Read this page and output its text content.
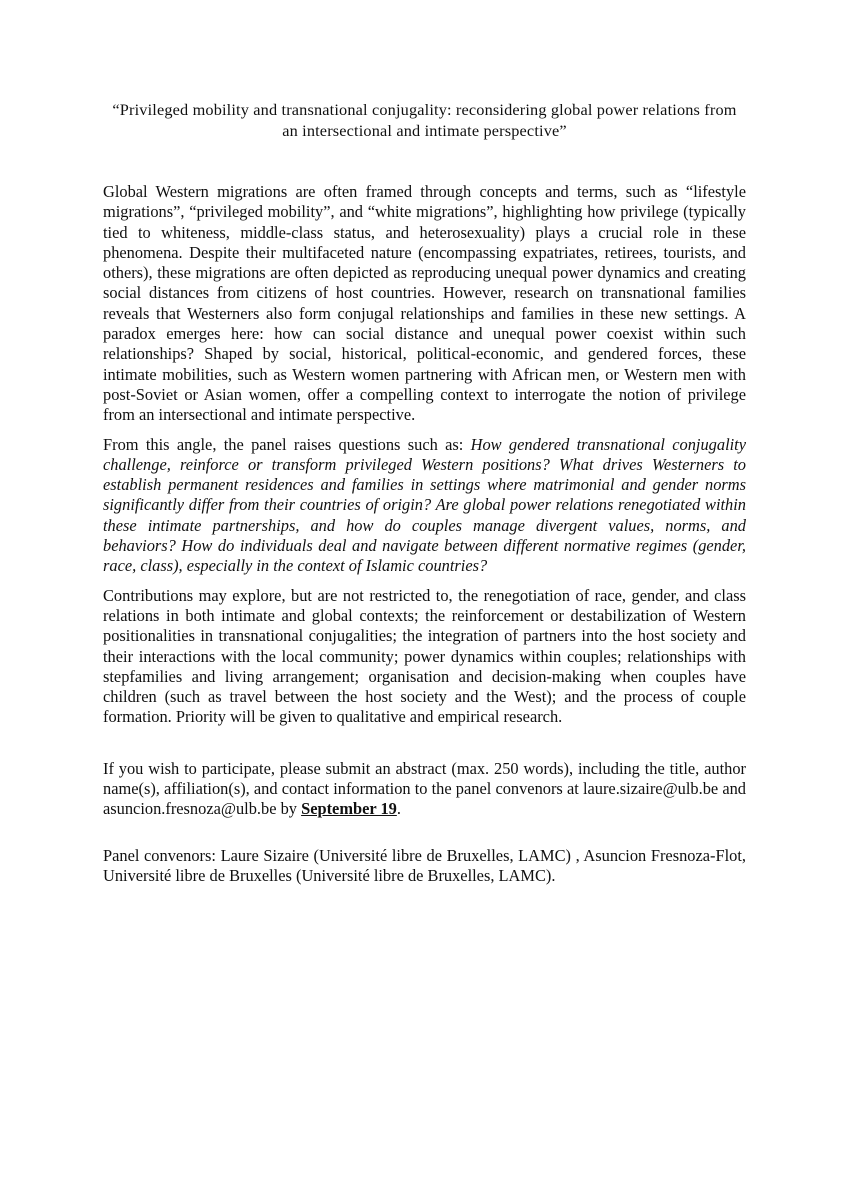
“Privileged mobility and transnational conjugality: reconsidering global power relations from an intersectional and intimate perspective”

Global Western migrations are often framed through concepts and terms, such as “lifestyle migrations”, “privileged mobility”, and “white migrations”, highlighting how privilege (typically tied to whiteness, middle-class status, and heterosexuality) plays a crucial role in these phenomena. Despite their multifaceted nature (encompassing expatriates, retirees, tourists, and others), these migrations are often depicted as reproducing unequal power dynamics and creating social distances from citizens of host countries. However, research on transnational families reveals that Westerners also form conjugal relationships and families in these new settings. A paradox emerges here: how can social distance and unequal power coexist within such relationships? Shaped by social, historical, political-economic, and gendered forces, these intimate mobilities, such as Western women partnering with African men, or Western men with post-Soviet or Asian women, offer a compelling context to interrogate the notion of privilege from an intersectional and intimate perspective.

From this angle, the panel raises questions such as: How gendered transnational conjugality challenge, reinforce or transform privileged Western positions? What drives Westerners to establish permanent residences and families in settings where matrimonial and gender norms significantly differ from their countries of origin? Are global power relations renegotiated within these intimate partnerships, and how do couples manage divergent values, norms, and behaviors? How do individuals deal and navigate between different normative regimes (gender, race, class), especially in the context of Islamic countries?

Contributions may explore, but are not restricted to, the renegotiation of race, gender, and class relations in both intimate and global contexts; the reinforcement or destabilization of Western positionalities in transnational conjugalities; the integration of partners into the host society and their interactions with the local community; power dynamics within couples; relationships with stepfamilies and living arrangement; organisation and decision-making when couples have children (such as travel between the host society and the West); and the process of couple formation. Priority will be given to qualitative and empirical research.

If you wish to participate, please submit an abstract (max. 250 words), including the title, author name(s), affiliation(s), and contact information to the panel convenors at laure.sizaire@ulb.be and asuncion.fresnoza@ulb.be by September 19.

Panel convenors: Laure Sizaire (Université libre de Bruxelles, LAMC) , Asuncion Fresnoza-Flot, Université libre de Bruxelles (Université libre de Bruxelles, LAMC).
